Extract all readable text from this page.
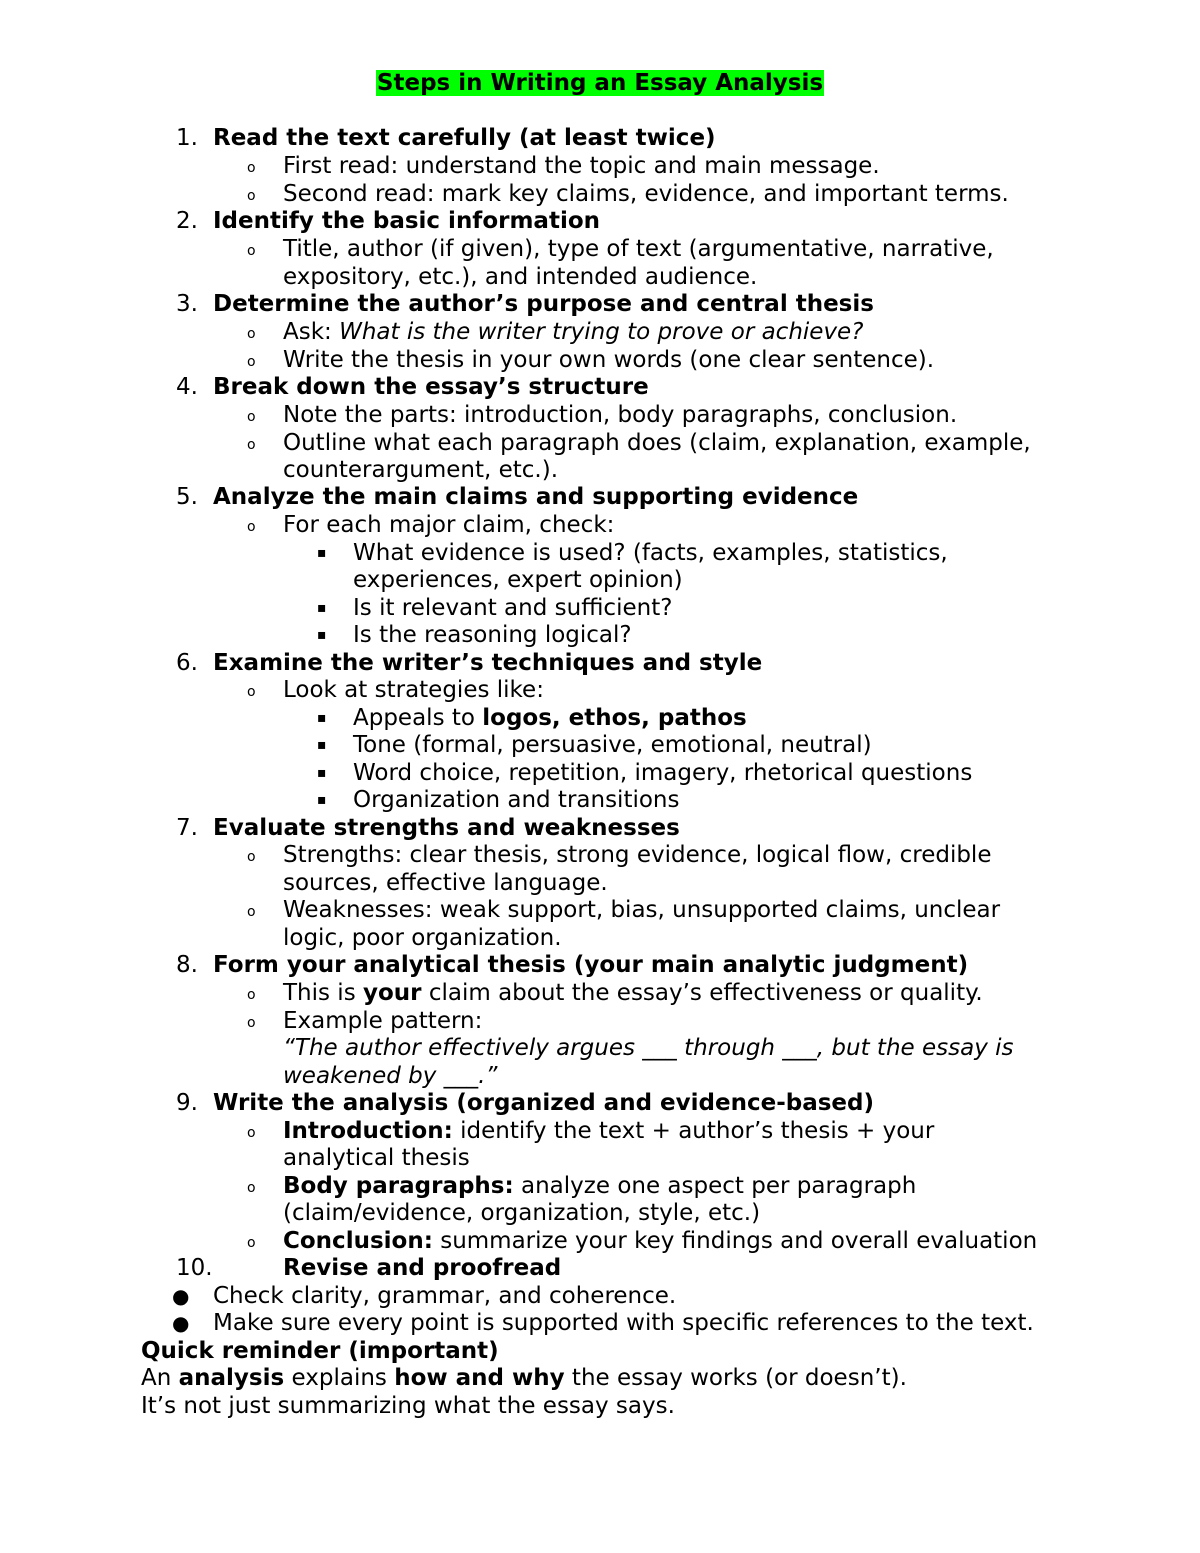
Steps in Writing an Essay Analysis
1. Read the text carefully (at least twice)
o First read: understand the topic and main message.
o Second read: mark key claims, evidence, and important terms.
2. Identify the basic information
o Title, author (if given), type of text (argumentative, narrative,
expository, etc.), and intended audience.
3. Determine the author’s purpose and central thesis
o Ask: What is the writer trying to prove or achieve?
o Write the thesis in your own words (one clear sentence).
4. Break down the essay’s structure
o Note the parts: introduction, body paragraphs, conclusion.
o Outline what each paragraph does (claim, explanation, example,
counterargument, etc.).
5. Analyze the main claims and supporting evidence
o For each major claim, check:
▪ What evidence is used? (facts, examples, statistics,
experiences, expert opinion)
▪ Is it relevant and sufficient?
▪ Is the reasoning logical?
6. Examine the writer’s techniques and style
o Look at strategies like:
▪ Appeals to logos, ethos, pathos
▪ Tone (formal, persuasive, emotional, neutral)
▪ Word choice, repetition, imagery, rhetorical questions
▪ Organization and transitions
7. Evaluate strengths and weaknesses
o Strengths: clear thesis, strong evidence, logical flow, credible
sources, effective language.
o Weaknesses: weak support, bias, unsupported claims, unclear
logic, poor organization.
8. Form your analytical thesis (your main analytic judgment)
o This is your claim about the essay’s effectiveness or quality.
o Example pattern:
“The author effectively argues ___ through ___, but the essay is
weakened by ___.”
9. Write the analysis (organized and evidence-based)
o Introduction: identify the text + author’s thesis + your
analytical thesis
o Body paragraphs: analyze one aspect per paragraph
(claim/evidence, organization, style, etc.)
o Conclusion: summarize your key findings and overall evaluation
10.	Revise and proofread
● Check clarity, grammar, and coherence.
● Make sure every point is supported with specific references to the text.
Quick reminder (important)
An analysis explains how and why the essay works (or doesn’t).
It’s not just summarizing what the essay says.
